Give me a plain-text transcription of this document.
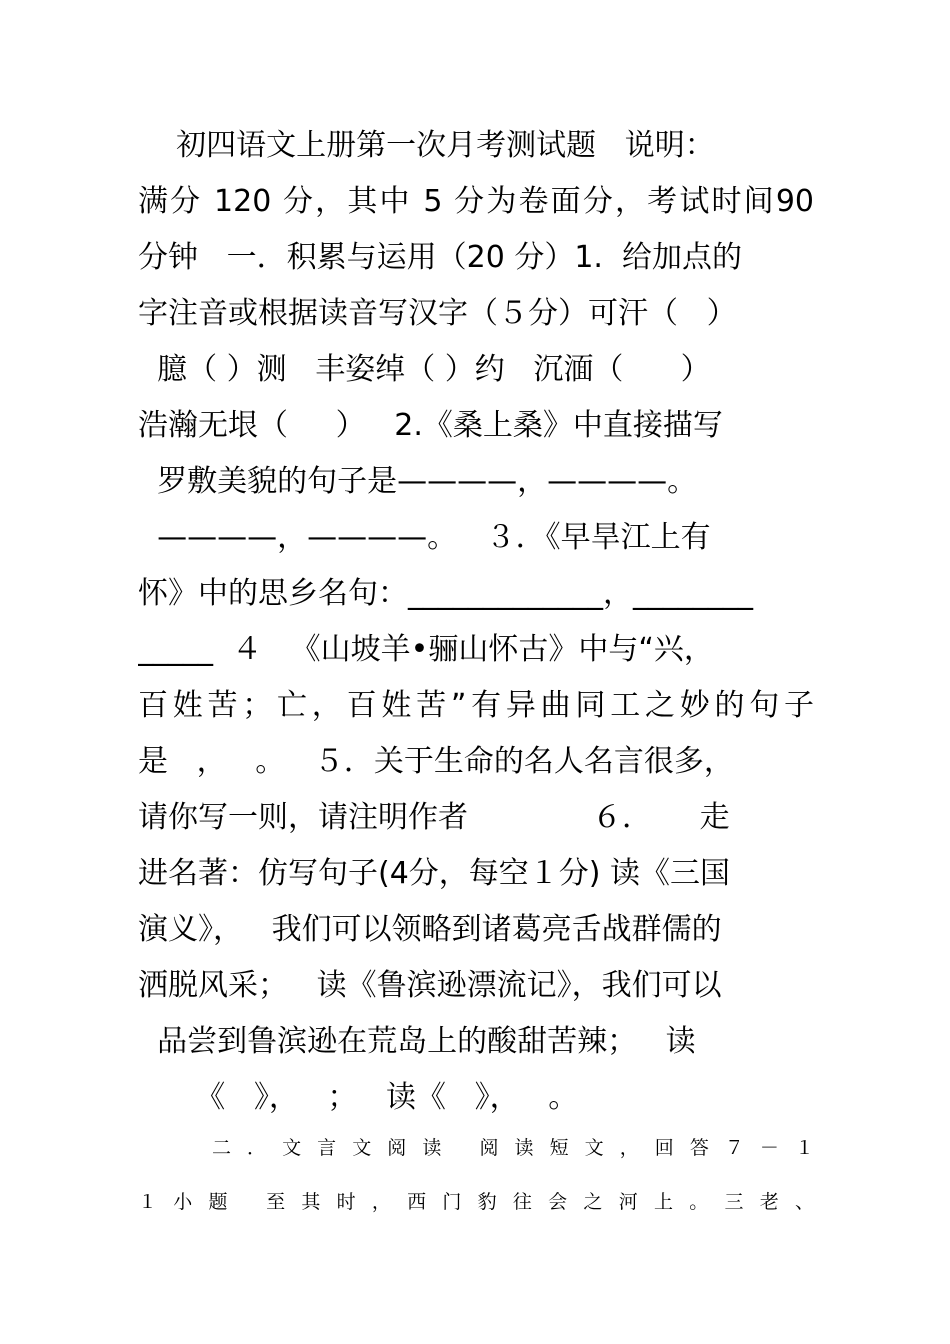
初四语文上册第一次月考测试题   说明：
满分 120 分，其中 5 分为卷面分，考试时间90
分钟   一．积累与运用（20 分）1.  给加点的
字注音或根据读音写汉字（５分）可汗（   ）
臆（ ）测   丰姿绰（ ）约   沉湎（      ）
浩瀚无垠（     ）   2.《桑上桑》中直接描写
罗敷美貌的句子是————，————。
————，————。   ３．《早旱江上有
怀》中的思乡名句：_____________，________
_____  ４   《山坡羊•骊山怀古》中与“兴，
百姓苦；亡，百姓苦”有异曲同工之妙的句子
是   ，   。   ５．关于生命的名人名言很多，
请你写一则，请注明作者             ６．     走
进名著：仿写句子(4分，每空１分) 读《三国
演义》，   我们可以领略到诸葛亮舌战群儒的
洒脱风采；   读《鲁滨逊漂流记》，我们可以
品尝到鲁滨逊在荒岛上的酸甜苦辣；   读
《   》，   ；   读《   》，   。
二．文言文阅读 阅读短文，回答７－１
１小题 至其时，西门豹往会之河上。三老、
